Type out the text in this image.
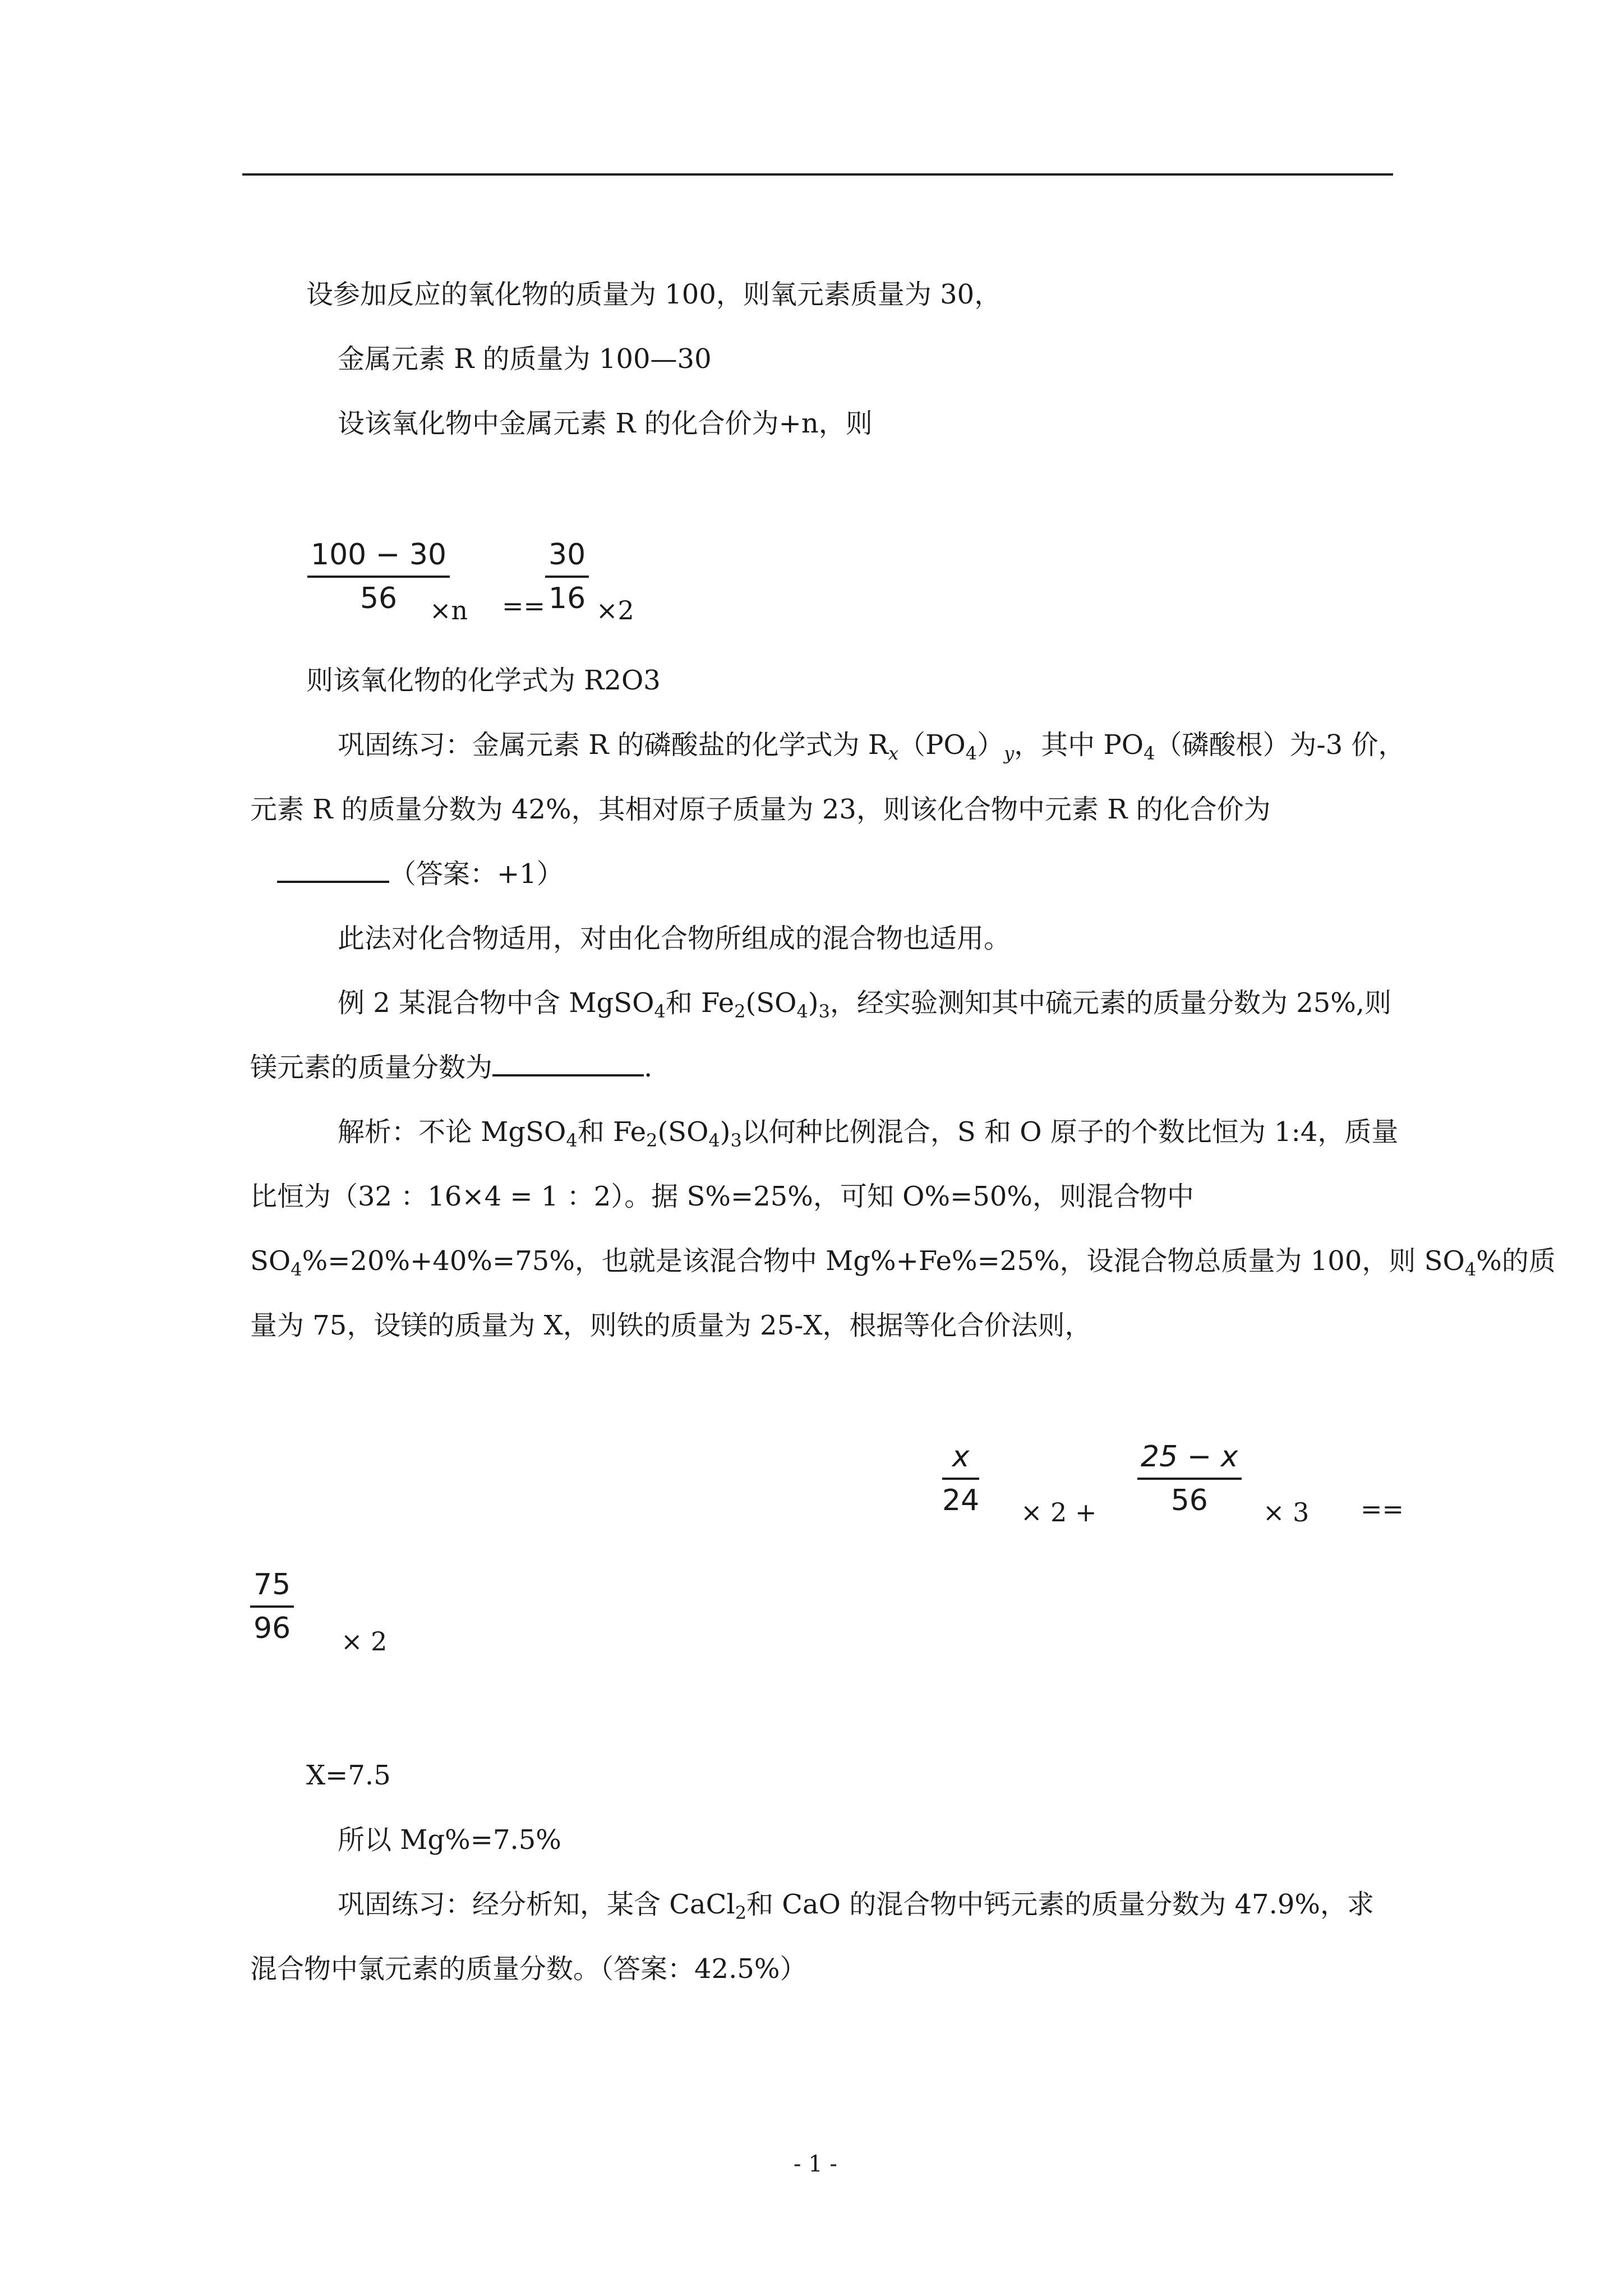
设参加反应的氧化物的质量为 100，则氧元素质量为 30，
金属元素 R 的质量为 100—30
设该氧化物中金属元素 R 的化合价为+n，则
100 − 30
56	×n ==
30
16 ×2
则该氧化物的化学式为 R2O3
巩固练习：金属元素 R 的磷酸盐的化学式为 $R_x(PO_4)_y$，其中 $PO_4$（磷酸根）为-3 价，
元素 R 的质量分数为 42%，其相对原子质量为 23，则该化合物中元素 R 的化合价为
（答案：+1）
此法对化合物适用，对由化合物所组成的混合物也适用。
例 2 某混合物中含 MgSO$_4$和 $Fe_2(SO_4)_3$，经实验测知其中硫元素的质量分数为 25%,则
镁元素的质量分数为	.
解析：不论 MgSO$_4$和 $Fe_2(SO_4)_3$以何种比例混合，S 和 O 原子的个数比恒为 1:4，质量
比恒为（32 ：16×4 = 1 ：2）。据 S%=25%，可知 O%=50%，则混合物中
$SO_4\%=20\%+40\%=75\%$，也就是该混合物中 Mg%+Fe%=25%，设混合物总质量为 100，则 $SO_4\%$的质
量为 75，设镁的质量为 X，则铁的质量为 25-X，根据等化合价法则，
x
24 × 2 +
25 − x
56	× 3 ==
75
96 × 2
X=7.5
所以 Mg%=7.5%
巩固练习：经分析知，某含 CaCl$_2$和 CaO 的混合物中钙元素的质量分数为 47.9%，求
混合物中氯元素的质量分数。（答案：42.5%）
- 1 -
